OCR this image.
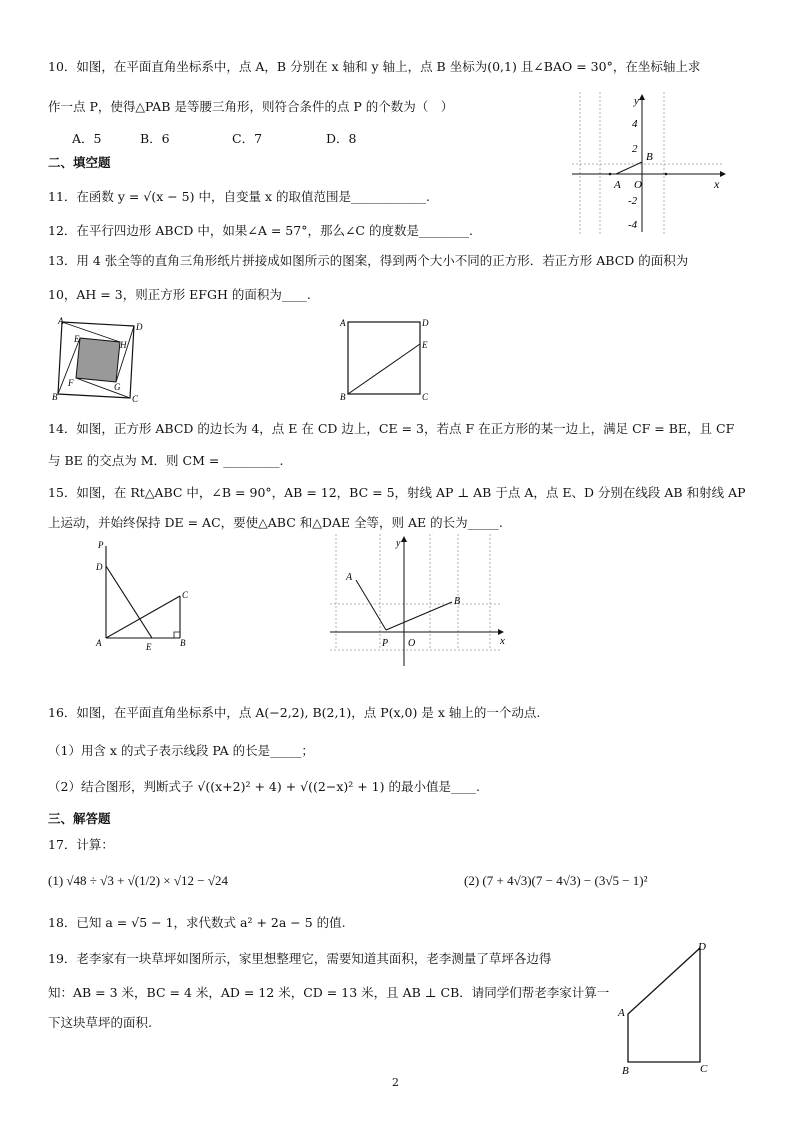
10．如图，在平面直角坐标系中，点 A，B 分别在 x 轴和 y 轴上，点 B 坐标为(0,1) 且∠BAO = 30°，在坐标轴上求
作一点 P，使得△PAB 是等腰三角形，则符合条件的点 P 的个数为（　）
A．5	B．6	C．7	D．8
y
x
4
2
-2
-4
A
B
O
二、填空题
11．在函数 y = √(x − 5) 中，自变量 x 的取值范围是____________.
12．在平行四边形 ABCD 中，如果∠A = 57°，那么∠C 的度数是________.
13．用 4 张全等的直角三角形纸片拼接成如图所示的图案，得到两个大小不同的正方形．若正方形 ABCD 的面积为
10，AH = 3，则正方形 EFGH 的面积为____.
A
D
B	C
E
H
F	G
A	D
E
B	C
14．如图，正方形 ABCD 的边长为 4，点 E 在 CD 边上，CE = 3，若点 F 在正方形的某一边上，满足 CF = BE，且 CF
与 BE 的交点为 M．则 CM = _________.
15．如图，在 Rt△ABC 中，∠B = 90°，AB = 12，BC = 5，射线 AP ⊥ AB 于点 A，点 E、D 分别在线段 AB 和射线 AP
上运动，并始终保持 DE = AC，要使△ABC 和△DAE 全等，则 AE 的长为_____.
P
D
C
A	E	B
y
x
A
B
P O
16．如图，在平面直角坐标系中，点 A(−2,2), B(2,1)，点 P(x,0) 是 x 轴上的一个动点.
（1）用含 x 的式子表示线段 PA 的长是_____；
（2）结合图形，判断式子 √((x+2)² + 4) + √((2−x)² + 1) 的最小值是____.
三、解答题
17．计算：
(1) √48 ÷ √3 + √(1/2) × √12 − √24	(2) (7 + 4√3)(7 − 4√3) − (3√5 − 1)²
18．已知 a = √5 − 1，求代数式 a² + 2a − 5 的值.
19．老李家有一块草坪如图所示，家里想整理它，需要知道其面积，老李测量了草坪各边得
知：AB = 3 米，BC = 4 米，AD = 12 米，CD = 13 米，且 AB ⊥ CB．请同学们帮老李家计算一
下这块草坪的面积.
A
B	C
D
2
